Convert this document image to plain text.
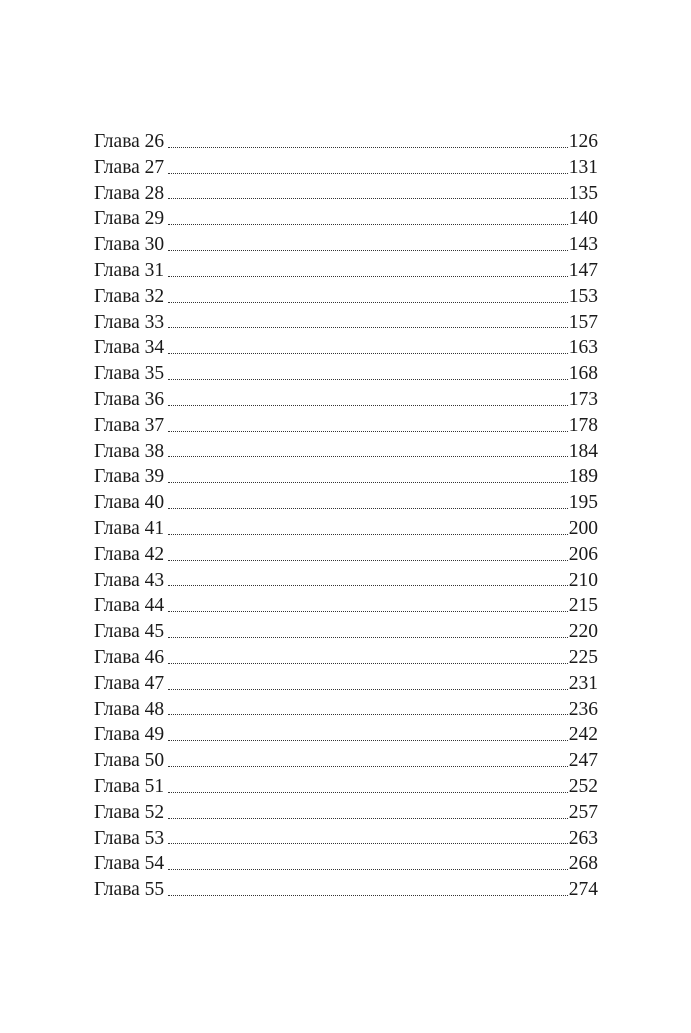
Глава 26	126
Глава 27	131
Глава 28	135
Глава 29	140
Глава 30	143
Глава 31	147
Глава 32	153
Глава 33	157
Глава 34	163
Глава 35	168
Глава 36	173
Глава 37	178
Глава 38	184
Глава 39	189
Глава 40	195
Глава 41	200
Глава 42	206
Глава 43	210
Глава 44	215
Глава 45	220
Глава 46	225
Глава 47	231
Глава 48	236
Глава 49	242
Глава 50	247
Глава 51	252
Глава 52	257
Глава 53	263
Глава 54	268
Глава 55	274
